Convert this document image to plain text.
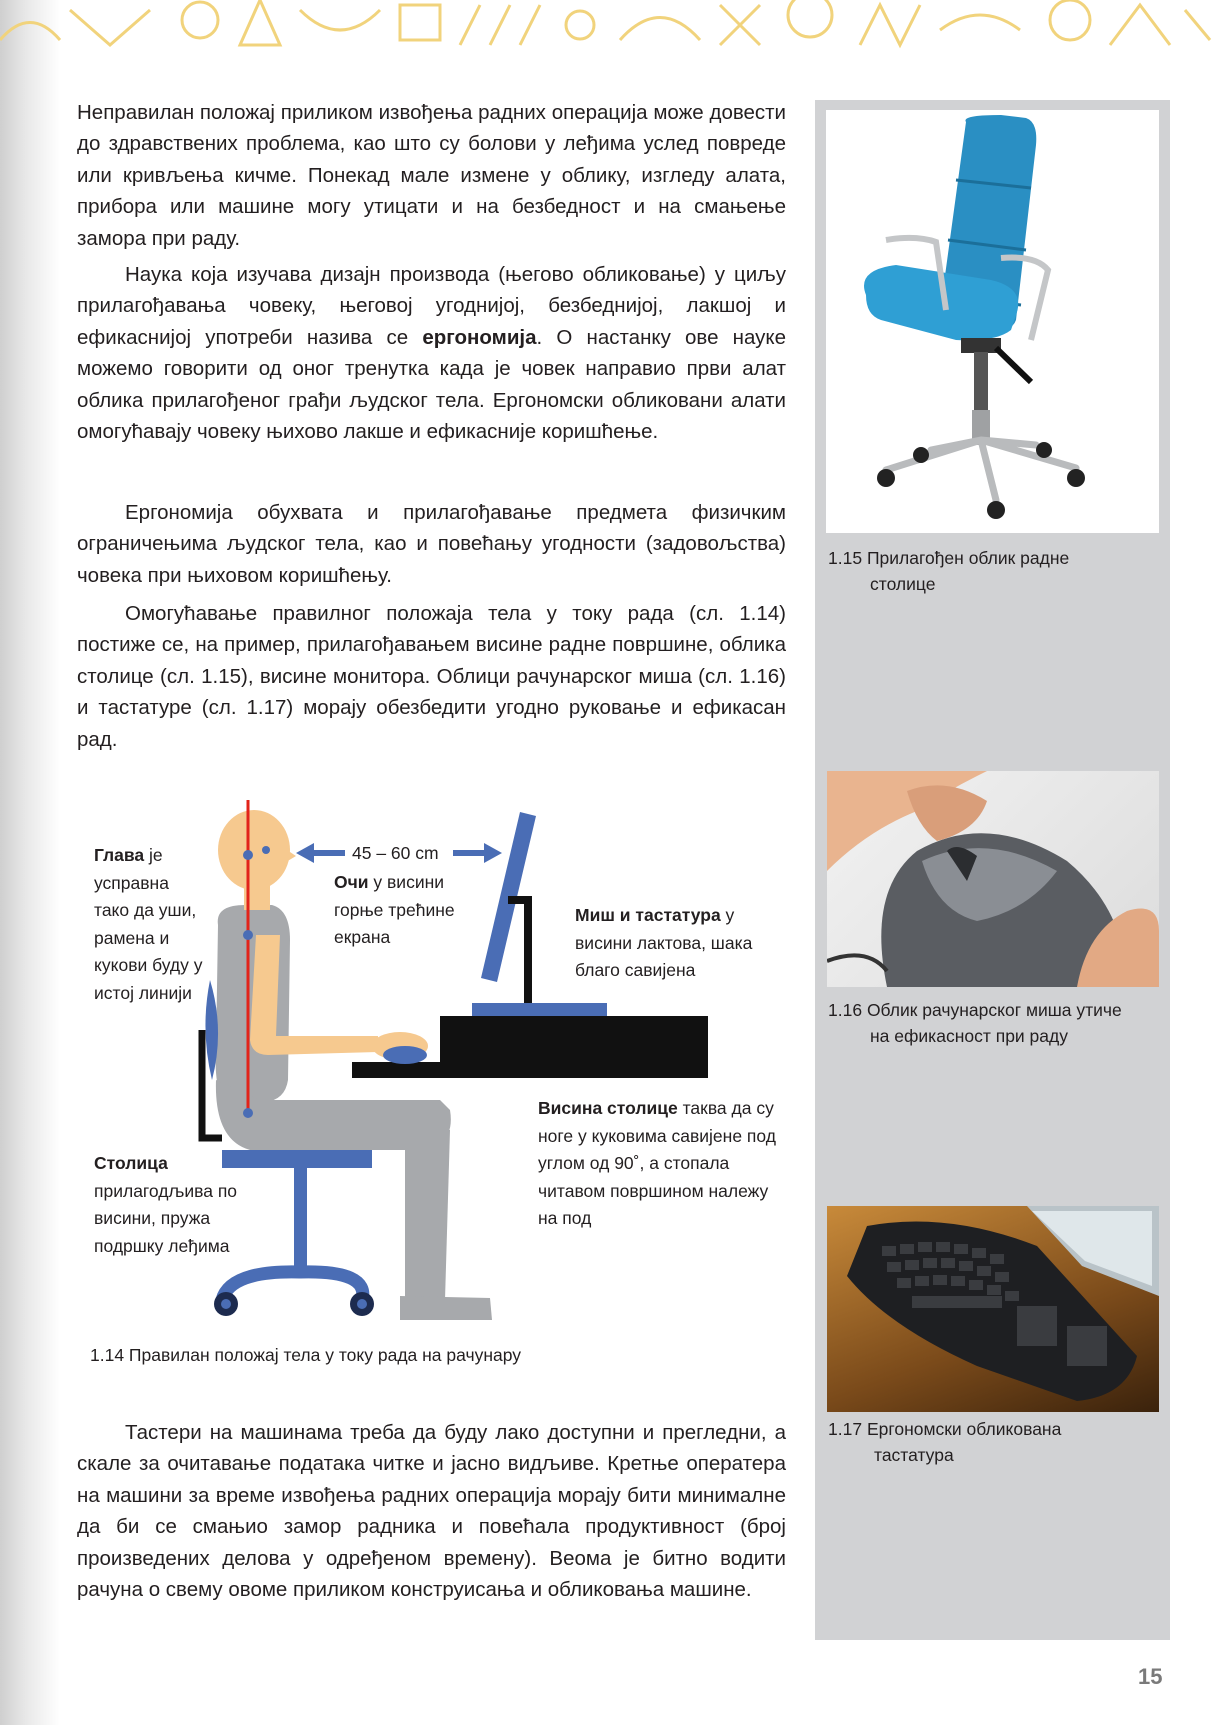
Неправилан положај приликом извођења радних операција може довести до здравствених проблема, као што су болови у леђима услед повреде или кривљења кичме. Понекад мале измене у облику, изгледу алата, прибора или машине могу утицати и на безбедност и на смањење замора при раду.

Наука која изучава дизајн производа (његово обликовање) у циљу прилагођавања човеку, његовој угоднијој, безбеднијој, лакшој и ефикаснијој употреби назива се ергономија. О настанку ове науке можемо говорити од оног тренутка када је човек направио први алат облика прилагођеног грађи људског тела. Ергономски обликовани алати омогућавају човеку њихово лакше и ефикасније коришћење.

Ергономија обухвата и прилагођавање предмета физичким ограничењима људског тела, као и повећању угодности (задовољства) човека при њиховом коришћењу.

Омогућавање правилног положаја тела у току рада (сл. 1.14) постиже се, на пример, прилагођавањем висине радне површине, облика столице (сл. 1.15), висине монитора. Облици рачунарског миша (сл. 1.16) и тастатуре (сл. 1.17) морају обезбедити угодно руковање и ефикасан рад.

Тастери на машинама треба да буду лако доступни и прегледни, а скале за очитавање података читке и јасно видљиве. Кретње оператера на машини за време извођења радних операција морају бити минималне да би се смањио замор радника и повећала продуктивност (број произведених делова у одређеном времену). Веома је битно водити рачуна о свему овоме приликом конструисања и обликовања машине.

45 – 60 cm
Глава је усправна тако да уши, рамена и кукови буду у истој линији
Очи у висини горње трећине екрана
Миш и тастатура у висини лактова, шака благо савијена
Столица прилагодљива по висини, пружа подршку леђима
Висина столице таква да су ноге у куковима савијене под углом од 90˚, а стопала читавом површином належу на под
1.14 Правилан положај тела у току рада на рачунару
1.15 Прилагођен облик радне
столице
1.16 Облик рачунарског миша утиче
на ефикасност при раду
1.17 Ергономски обликована
тастатура
15
